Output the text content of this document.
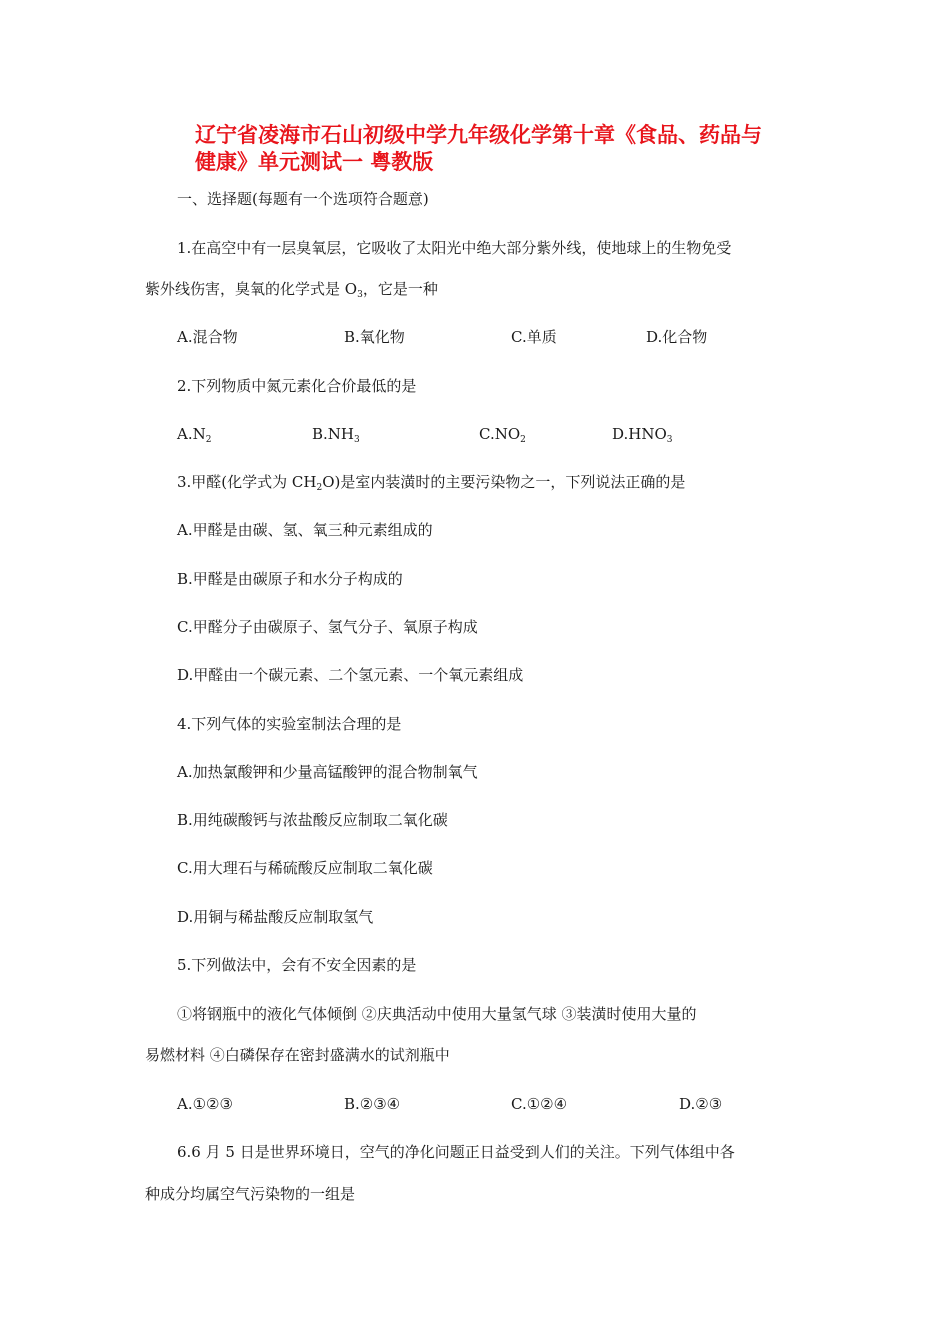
辽宁省凌海市石山初级中学九年级化学第十章《食品、药品与
健康》单元测试一 粤教版

一、选择题(每题有一个选项符合题意)

1.在高空中有一层臭氧层，它吸收了太阳光中绝大部分紫外线，使地球上的生物免受

紫外线伤害，臭氧的化学式是 $O_3$，它是一种

A.混合物	B.氧化物	C.单质	D.化合物

2.下列物质中氮元素化合价最低的是

$A.N_2$	$B.NH_3$	$C.NO_2$	$D.HNO_3$

3.甲醛(化学式为 $CH_2O$)是室内装潢时的主要污染物之一，下列说法正确的是

A.甲醛是由碳、氢、氧三种元素组成的

B.甲醛是由碳原子和水分子构成的

C.甲醛分子由碳原子、氢气分子、氧原子构成

D.甲醛由一个碳元素、二个氢元素、一个氧元素组成

4.下列气体的实验室制法合理的是

A.加热氯酸钾和少量高锰酸钾的混合物制氧气

B.用纯碳酸钙与浓盐酸反应制取二氧化碳

C.用大理石与稀硫酸反应制取二氧化碳

D.用铜与稀盐酸反应制取氢气

5.下列做法中，会有不安全因素的是

①将钢瓶中的液化气体倾倒 ②庆典活动中使用大量氢气球 ③装潢时使用大量的

易燃材料 ④白磷保存在密封盛满水的试剂瓶中

A.①②③	B.②③④	C.①②④	D.②③

6.6 月 5 日是世界环境日，空气的净化问题正日益受到人们的关注。下列气体组中各

种成分均属空气污染物的一组是
